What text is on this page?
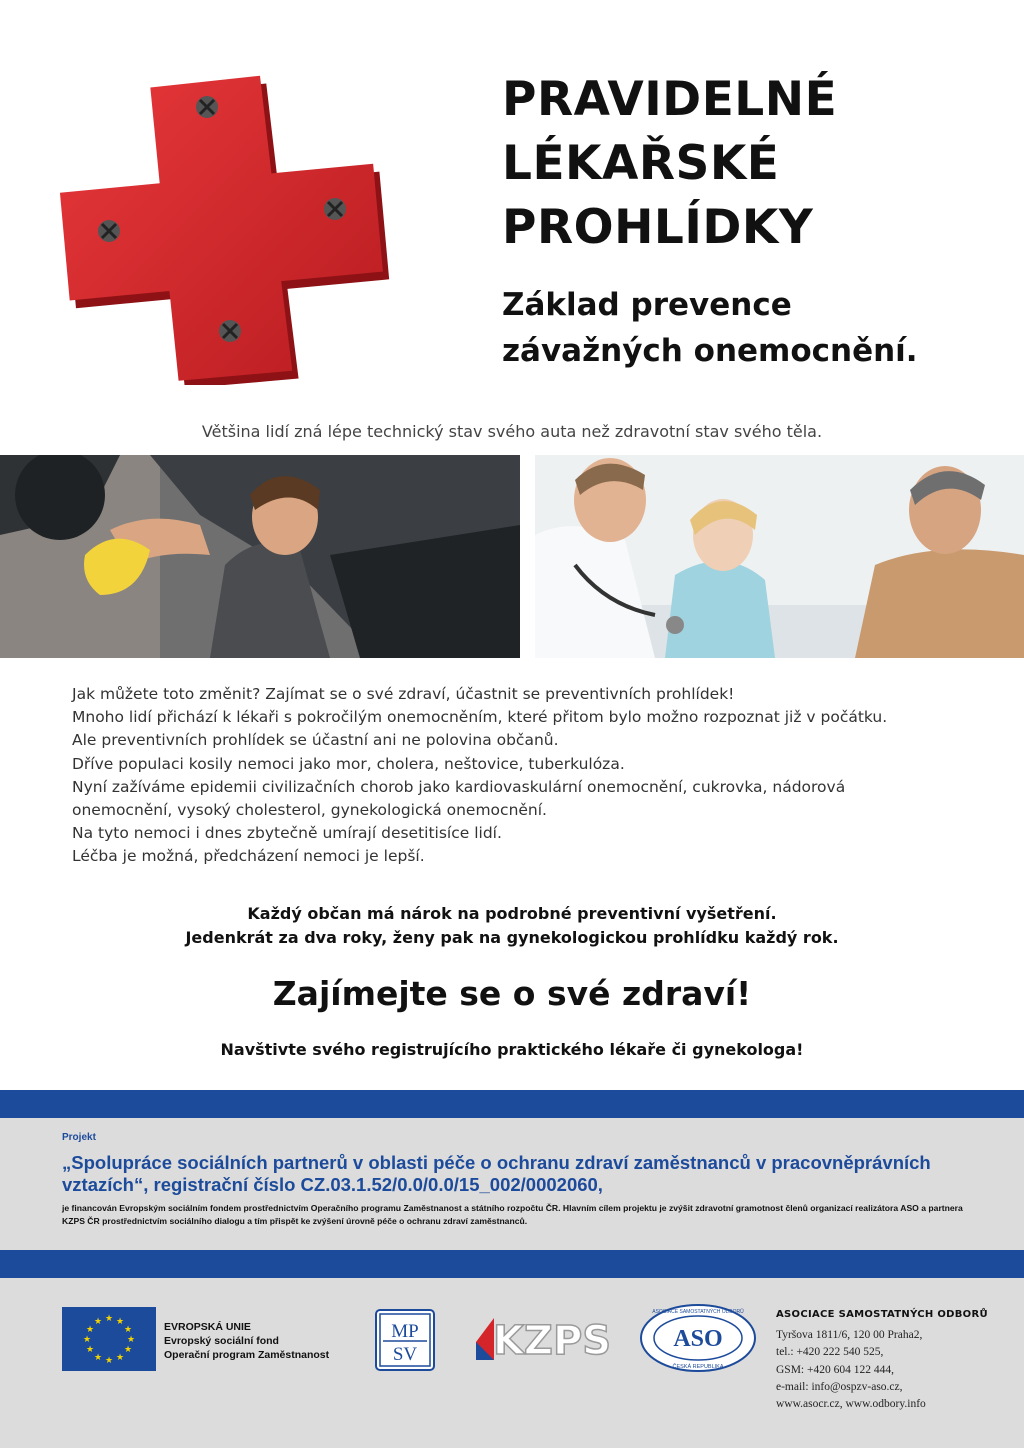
PRAVIDELNÉ
LÉKAŘSKÉ
PROHLÍDKY
Základ prevence
závažných onemocnění.
Většina lidí zná lépe technický stav svého auta než zdravotní stav svého těla.
Jak můžete toto změnit? Zajímat se o své zdraví, účastnit se preventivních prohlídek!
Mnoho lidí přichází k lékaři s pokročilým onemocněním, které přitom bylo možno rozpoznat již v počátku.
Ale preventivních prohlídek se účastní ani ne polovina občanů.
Dříve populaci kosily nemoci jako mor, cholera, neštovice, tuberkulóza.
Nyní zažíváme epidemii civilizačních chorob jako kardiovaskulární onemocnění, cukrovka, nádorová
onemocnění, vysoký cholesterol, gynekologická onemocnění.
Na tyto nemoci i dnes zbytečně umírají desetitisíce lidí.
Léčba je možná, předcházení nemoci je lepší.
Každý občan má nárok na podrobné preventivní vyšetření.
Jedenkrát za dva roky, ženy pak na gynekologickou prohlídku každý rok.
Zajímejte se o své zdraví!
Navštivte svého registrujícího praktického lékaře či gynekologa!
Projekt
„Spolupráce sociálních partnerů v oblasti péče o ochranu zdraví zaměstnanců v pracovněprávních vztazích“, registrační číslo CZ.03.1.52/0.0/0.0/15_002/0002060,
je financován Evropským sociálním fondem prostřednictvím Operačního programu Zaměstnanost a státního rozpočtu ČR. Hlavním cílem projektu je zvýšit zdravotní gramotnost členů organizací realizátora ASO a partnera KZPS ČR prostřednictvím sociálního dialogu a tím přispět ke zvýšení úrovně péče o ochranu zdraví zaměstnanců.
★ ★
★
★
★
★
★
★
★
★
★
★	EVROPSKÁ UNIE
Evropský sociální fond
Operační program Zaměstnanost
MP
SV KZPS	ASO
ASOCIACE SAMOSTATNÝCH ODBORŮ
ČESKÁ REPUBLIKA
ASOCIACE SAMOSTATNÝCH ODBORŮ
Tyršova 1811/6, 120 00 Praha2,
tel.: +420 222 540 525,
GSM: +420 604 122 444,
e-mail: info@ospzv-aso.cz,
www.asocr.cz, www.odbory.info
